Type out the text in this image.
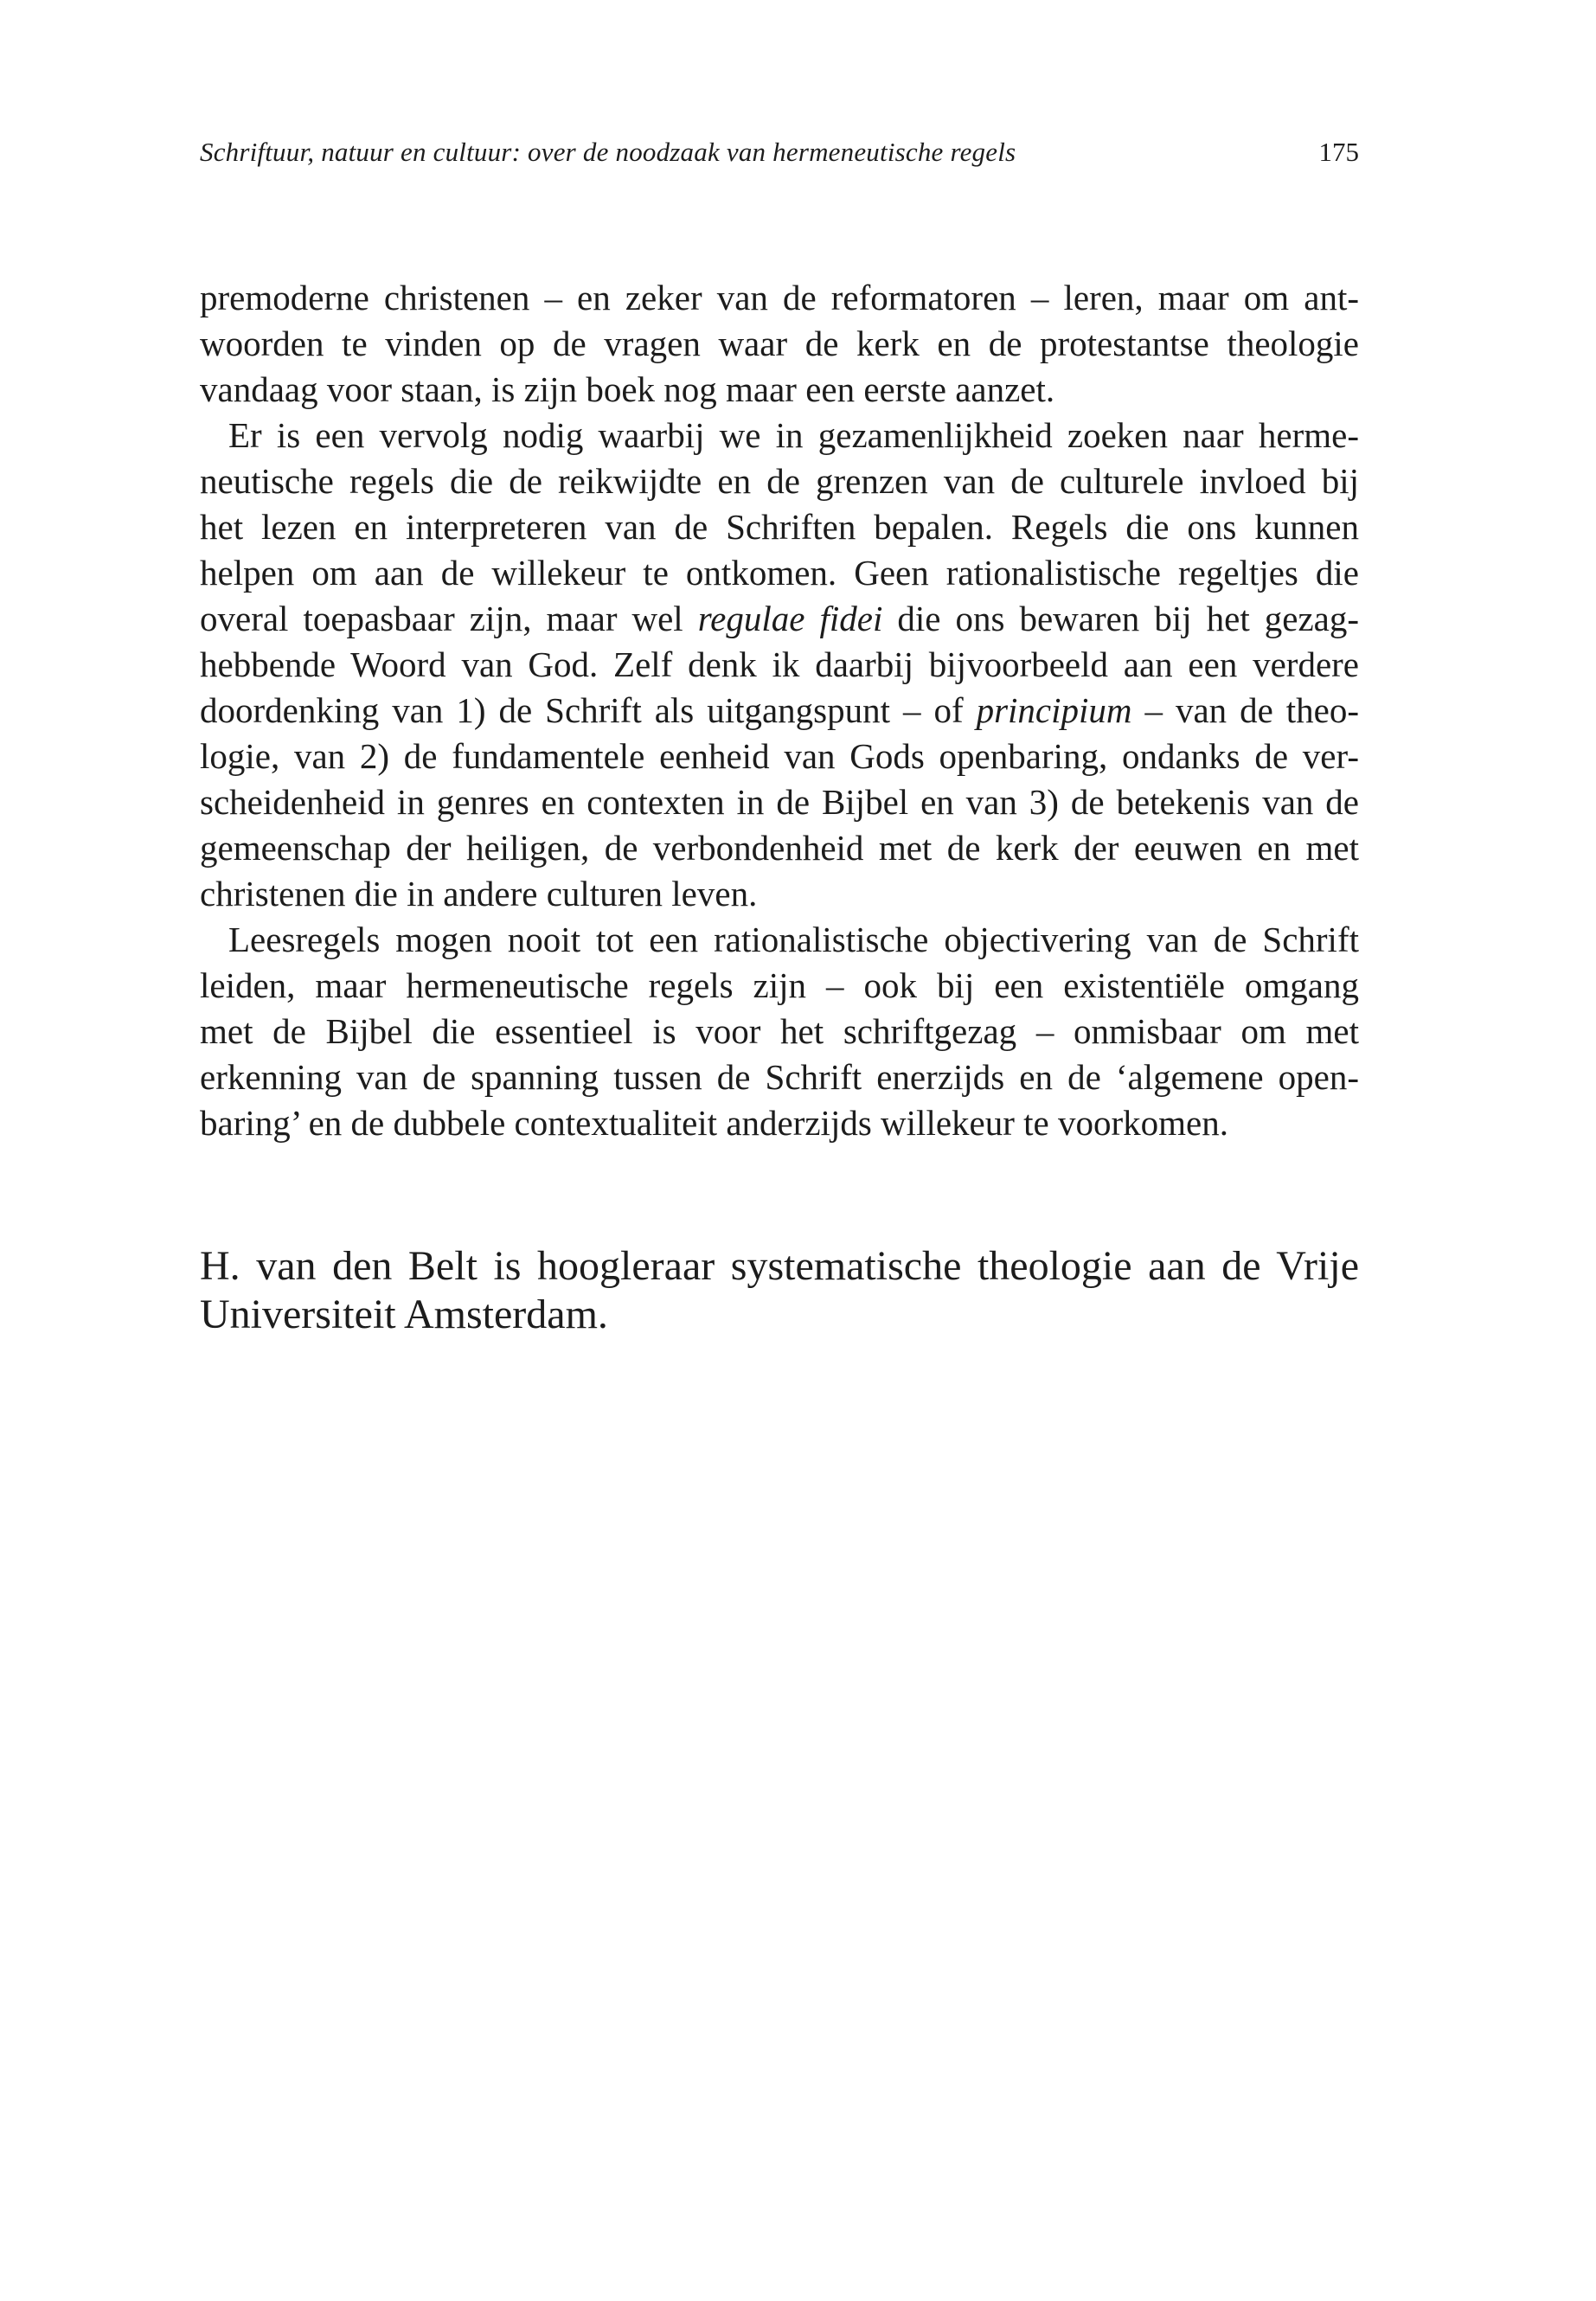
Schriftuur, natuur en cultuur: over de noodzaak van hermeneutische regels	175
premoderne christenen – en zeker van de reformatoren – leren, maar om ant-
woorden te vinden op de vragen waar de kerk en de protestantse theologie
vandaag voor staan, is zijn boek nog maar een eerste aanzet.
Er is een vervolg nodig waarbij we in gezamenlijkheid zoeken naar herme-
neutische regels die de reikwijdte en de grenzen van de culturele invloed bij
het lezen en interpreteren van de Schriften bepalen. Regels die ons kunnen
helpen om aan de willekeur te ontkomen. Geen rationalistische regeltjes die
overal toepasbaar zijn, maar wel regulae fidei die ons bewaren bij het gezag-
hebbende Woord van God. Zelf denk ik daarbij bijvoorbeeld aan een verdere
doordenking van 1) de Schrift als uitgangspunt – of principium – van de theo-
logie, van 2) de fundamentele eenheid van Gods openbaring, ondanks de ver-
scheidenheid in genres en contexten in de Bijbel en van 3) de betekenis van de
gemeenschap der heiligen, de verbondenheid met de kerk der eeuwen en met
christenen die in andere culturen leven.
Leesregels mogen nooit tot een rationalistische objectivering van de Schrift
leiden, maar hermeneutische regels zijn – ook bij een existentiële omgang
met de Bijbel die essentieel is voor het schriftgezag – onmisbaar om met
erkenning van de spanning tussen de Schrift enerzijds en de ‘algemene open-
baring’ en de dubbele contextualiteit anderzijds willekeur te voorkomen.
H. van den Belt is hoogleraar systematische theologie aan de Vrije
Universiteit Amsterdam.
